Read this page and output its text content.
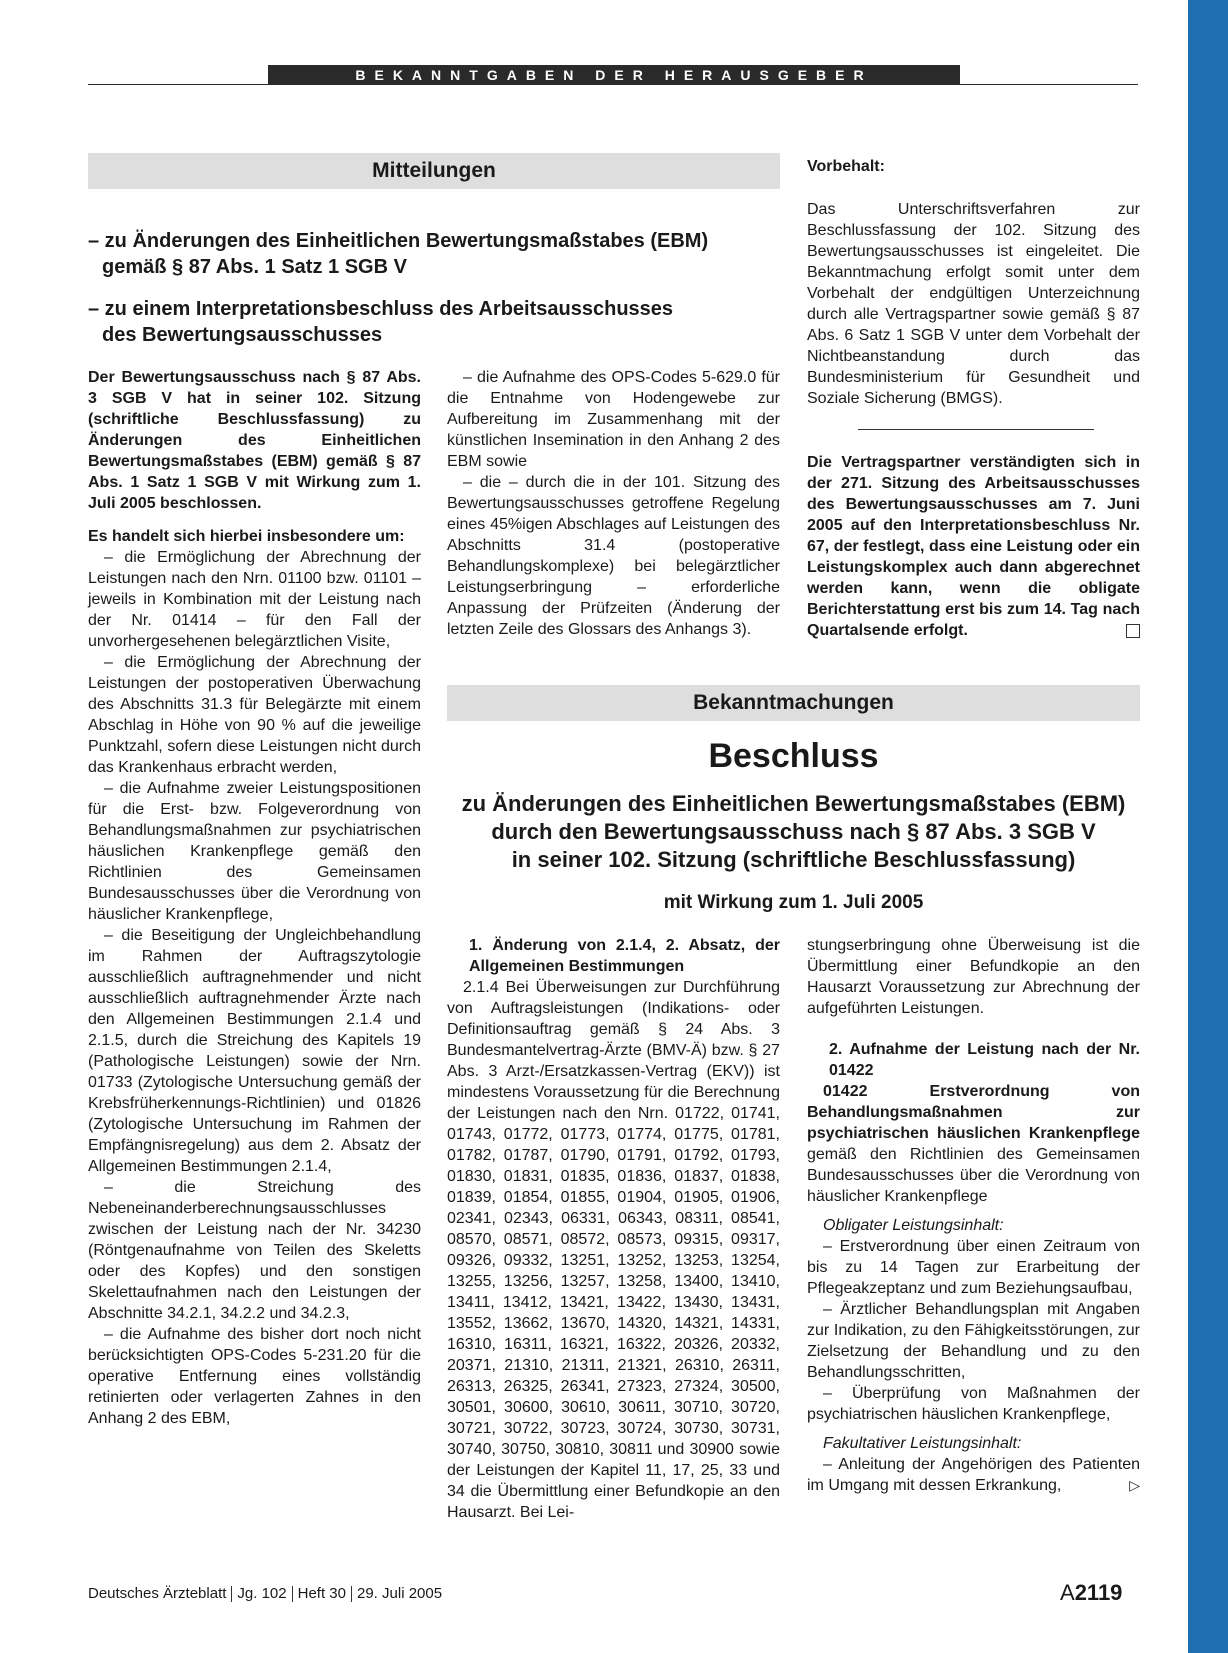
BEKANNTGABEN DER HERAUSGEBER
Mitteilungen
– zu Änderungen des Einheitlichen Bewertungsmaßstabes (EBM)
gemäß § 87 Abs. 1 Satz 1 SGB V
– zu einem Interpretationsbeschluss des Arbeitsausschusses
des Bewertungsausschusses

Der Bewertungsausschuss nach § 87 Abs. 3 SGB V hat in seiner 102. Sitzung (schriftliche Beschlussfassung) zu Änderungen des Einheitlichen Bewertungsmaßstabes (EBM) gemäß § 87 Abs. 1 Satz 1 SGB V mit Wirkung zum 1. Juli 2005 beschlossen.

Es handelt sich hierbei insbesondere um:

– die Ermöglichung der Abrechnung der Leistungen nach den Nrn. 01100 bzw. 01101 – jeweils in Kombination mit der Leistung nach der Nr. 01414 – für den Fall der unvorhergesehenen belegärztlichen Visite,

– die Ermöglichung der Abrechnung der Leistungen der postoperativen Überwachung des Abschnitts 31.3 für Belegärzte mit einem Abschlag in Höhe von 90 % auf die jeweilige Punktzahl, sofern diese Leistungen nicht durch das Krankenhaus erbracht werden,

– die Aufnahme zweier Leistungspositionen für die Erst- bzw. Folgeverordnung von Behandlungsmaßnahmen zur psychiatrischen häuslichen Krankenpflege gemäß den Richtlinien des Gemeinsamen Bundesausschusses über die Verordnung von häuslicher Krankenpflege,

– die Beseitigung der Ungleichbehandlung im Rahmen der Auftragszytologie ausschließlich auftragnehmender und nicht ausschließlich auftragnehmender Ärzte nach den Allgemeinen Bestimmungen 2.1.4 und 2.1.5, durch die Streichung des Kapitels 19 (Pathologische Leistungen) sowie der Nrn. 01733 (Zytologische Untersuchung gemäß der Krebsfrüherkennungs-Richtlinien) und 01826 (Zytologische Untersuchung im Rahmen der Empfängnisregelung) aus dem 2. Absatz der Allgemeinen Bestimmungen 2.1.4,

– die Streichung des Nebeneinanderberechnungsausschlusses zwischen der Leistung nach der Nr. 34230 (Röntgenaufnahme von Teilen des Skeletts oder des Kopfes) und den sonstigen Skelettaufnahmen nach den Leistungen der Abschnitte 34.2.1, 34.2.2 und 34.2.3,

– die Aufnahme des bisher dort noch nicht berücksichtigten OPS-Codes 5-231.20 für die operative Entfernung eines vollständig retinierten oder verlagerten Zahnes in den Anhang 2 des EBM,

– die Aufnahme des OPS-Codes 5-629.0 für die Entnahme von Hodengewebe zur Aufbereitung im Zusammenhang mit der künstlichen Insemination in den Anhang 2 des EBM sowie

– die – durch die in der 101. Sitzung des Bewertungsausschusses getroffene Regelung eines 45%igen Abschlages auf Leistungen des Abschnitts 31.4 (postoperative Behandlungskomplexe) bei belegärztlicher Leistungserbringung – erforderliche Anpassung der Prüfzeiten (Änderung der letzten Zeile des Glossars des Anhangs 3).

Vorbehalt:

Das Unterschriftsverfahren zur Beschlussfassung der 102. Sitzung des Bewertungsausschusses ist eingeleitet. Die Bekanntmachung erfolgt somit unter dem Vorbehalt der endgültigen Unterzeichnung durch alle Vertragspartner sowie gemäß § 87 Abs. 6 Satz 1 SGB V unter dem Vorbehalt der Nichtbeanstandung durch das Bundesministerium für Gesundheit und Soziale Sicherung (BMGS).

Die Vertragspartner verständigten sich in der 271. Sitzung des Arbeitsausschusses des Bewertungsausschusses am 7. Juni 2005 auf den Interpretationsbeschluss Nr. 67, der festlegt, dass eine Leistung oder ein Leistungskomplex auch dann abgerechnet werden kann, wenn die obligate Berichterstattung erst bis zum 14. Tag nach Quartalsende erfolgt.

Bekanntmachungen
Beschluss
zu Änderungen des Einheitlichen Bewertungsmaßstabes (EBM)
durch den Bewertungsausschuss nach § 87 Abs. 3 SGB V
in seiner 102. Sitzung (schriftliche Beschlussfassung)
mit Wirkung zum 1. Juli 2005

1. Änderung von 2.1.4, 2. Absatz, der Allgemeinen Bestimmungen

2.1.4 Bei Überweisungen zur Durchführung von Auftragsleistungen (Indikations- oder Definitionsauftrag gemäß § 24 Abs. 3 Bundesmantelvertrag-Ärzte (BMV-Ä) bzw. § 27 Abs. 3 Arzt-/Ersatzkassen-Vertrag (EKV)) ist mindestens Voraussetzung für die Berechnung der Leistungen nach den Nrn. 01722, 01741, 01743, 01772, 01773, 01774, 01775, 01781, 01782, 01787, 01790, 01791, 01792, 01793, 01830, 01831, 01835, 01836, 01837, 01838, 01839, 01854, 01855, 01904, 01905, 01906, 02341, 02343, 06331, 06343, 08311, 08541, 08570, 08571, 08572, 08573, 09315, 09317, 09326, 09332, 13251, 13252, 13253, 13254, 13255, 13256, 13257, 13258, 13400, 13410, 13411, 13412, 13421, 13422, 13430, 13431, 13552, 13662, 13670, 14320, 14321, 14331, 16310, 16311, 16321, 16322, 20326, 20332, 20371, 21310, 21311, 21321, 26310, 26311, 26313, 26325, 26341, 27323, 27324, 30500, 30501, 30600, 30610, 30611, 30710, 30720, 30721, 30722, 30723, 30724, 30730, 30731, 30740, 30750, 30810, 30811 und 30900 sowie der Leistungen der Kapitel 11, 17, 25, 33 und 34 die Übermittlung einer Befundkopie an den Hausarzt. Bei Lei-

stungserbringung ohne Überweisung ist die Übermittlung einer Befundkopie an den Hausarzt Voraussetzung zur Abrechnung der aufgeführten Leistungen.

2. Aufnahme der Leistung nach der Nr. 01422

01422 Erstverordnung von Behandlungsmaßnahmen zur psychiatrischen häuslichen Krankenpflege gemäß den Richtlinien des Gemeinsamen Bundesausschusses über die Verordnung von häuslicher Krankenpflege

Obligater Leistungsinhalt:

– Erstverordnung über einen Zeitraum von bis zu 14 Tagen zur Erarbeitung der Pflegeakzeptanz und zum Beziehungsaufbau,

– Ärztlicher Behandlungsplan mit Angaben zur Indikation, zu den Fähigkeitsstörungen, zur Zielsetzung der Behandlung und zu den Behandlungsschritten,

– Überprüfung von Maßnahmen der psychiatrischen häuslichen Krankenpflege,

Fakultativer Leistungsinhalt:

– Anleitung der Angehörigen des Patienten im Umgang mit dessen Erkrankung,	▷

Deutsches Ärzteblatt Jg. 102 Heft 30 29. Juli 2005	A2119
